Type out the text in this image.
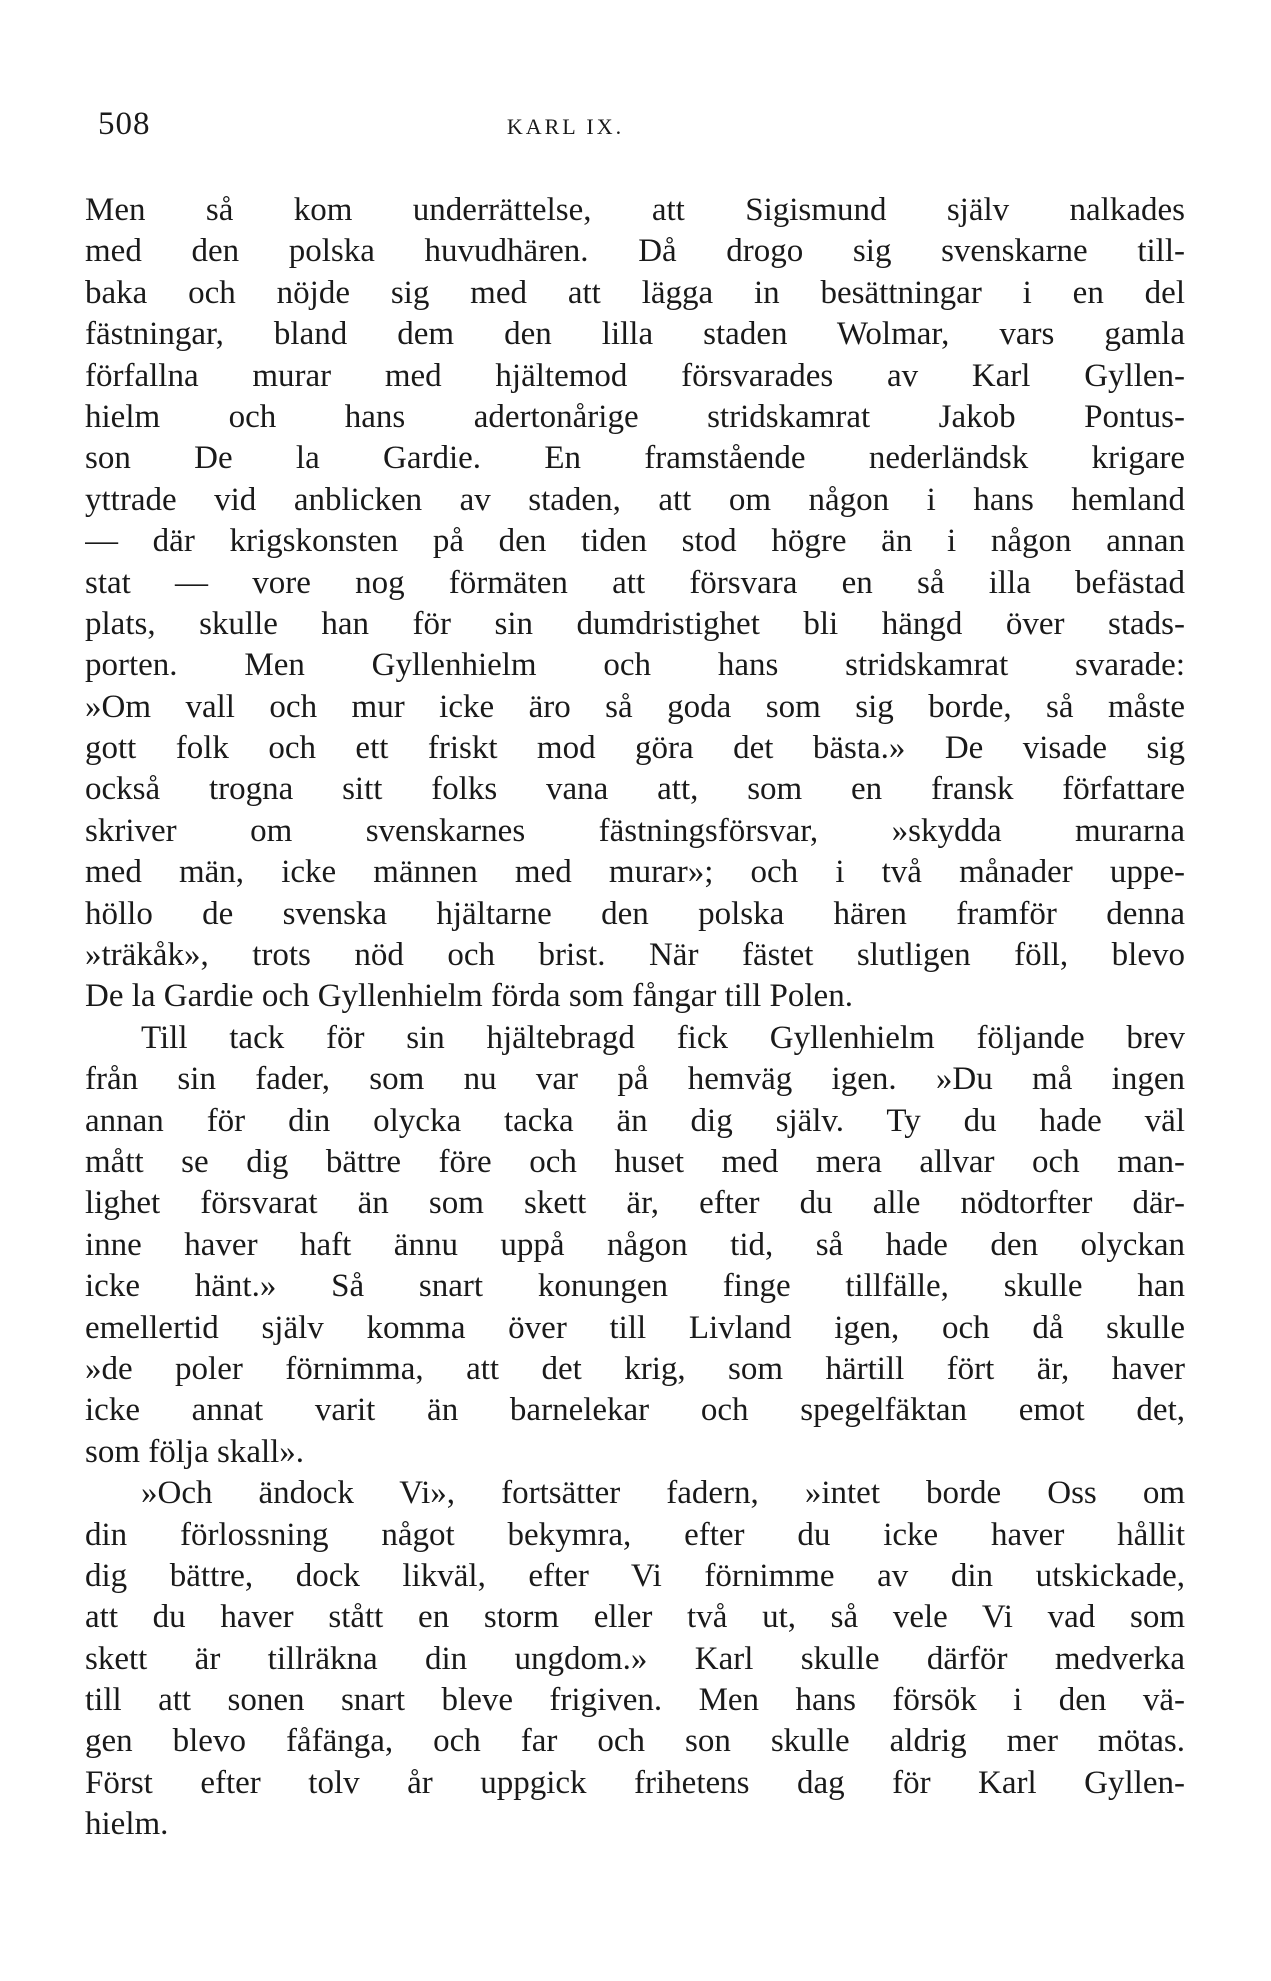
508	KARL IX.
Men så kom underrättelse, att Sigismund själv nalkades
med den polska huvudhären. Då drogo sig svenskarne till-
baka och nöjde sig med att lägga in besättningar i en del
fästningar, bland dem den lilla staden Wolmar, vars gamla
förfallna murar med hjältemod försvarades av Karl Gyllen-
hielm och hans adertonårige stridskamrat Jakob Pontus-
son De la Gardie. En framstående nederländsk krigare
yttrade vid anblicken av staden, att om någon i hans hemland
— där krigskonsten på den tiden stod högre än i någon annan
stat — vore nog förmäten att försvara en så illa befästad
plats, skulle han för sin dumdristighet bli hängd över stads-
porten. Men Gyllenhielm och hans stridskamrat svarade:
»Om vall och mur icke äro så goda som sig borde, så måste
gott folk och ett friskt mod göra det bästa.» De visade sig
också trogna sitt folks vana att, som en fransk författare
skriver om svenskarnes fästningsförsvar, »skydda murarna
med män, icke männen med murar»; och i två månader uppe-
höllo de svenska hjältarne den polska hären framför denna
»träkåk», trots nöd och brist. När fästet slutligen föll, blevo
De la Gardie och Gyllenhielm förda som fångar till Polen.
Till tack för sin hjältebragd fick Gyllenhielm följande brev
från sin fader, som nu var på hemväg igen. »Du må ingen
annan för din olycka tacka än dig själv. Ty du hade väl
mått se dig bättre före och huset med mera allvar och man-
lighet försvarat än som skett är, efter du alle nödtorfter där-
inne haver haft ännu uppå någon tid, så hade den olyckan
icke hänt.» Så snart konungen finge tillfälle, skulle han
emellertid själv komma över till Livland igen, och då skulle
»de poler förnimma, att det krig, som härtill fört är, haver
icke annat varit än barnelekar och spegelfäktan emot det,
som följa skall».
»Och ändock Vi», fortsätter fadern, »intet borde Oss om
din förlossning något bekymra, efter du icke haver hållit
dig bättre, dock likväl, efter Vi förnimme av din utskickade,
att du haver stått en storm eller två ut, så vele Vi vad som
skett är tillräkna din ungdom.» Karl skulle därför medverka
till att sonen snart bleve frigiven. Men hans försök i den vä-
gen blevo fåfänga, och far och son skulle aldrig mer mötas.
Först efter tolv år uppgick frihetens dag för Karl Gyllen-
hielm.
